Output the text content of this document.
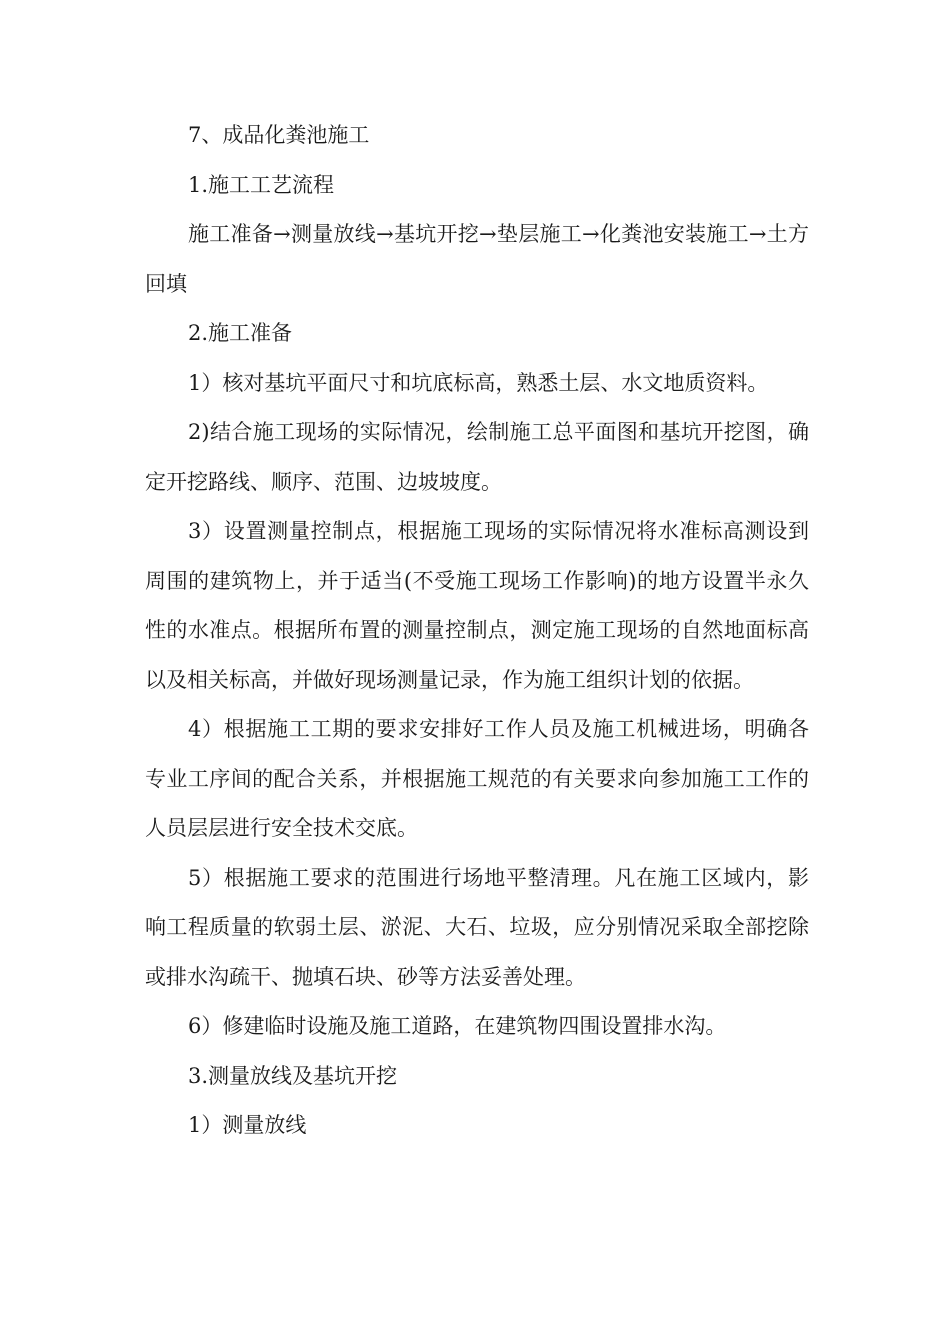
7、成品化粪池施工

1.施工工艺流程

施工准备→测量放线→基坑开挖→垫层施工→化粪池安装施工→土方回填

2.施工准备

1）核对基坑平面尺寸和坑底标高，熟悉土层、水文地质资料。

2)结合施工现场的实际情况，绘制施工总平面图和基坑开挖图，确定开挖路线、顺序、范围、边坡坡度。

3）设置测量控制点，根据施工现场的实际情况将水准标高测设到周围的建筑物上，并于适当(不受施工现场工作影响)的地方设置半永久性的水准点。根据所布置的测量控制点，测定施工现场的自然地面标高以及相关标高，并做好现场测量记录，作为施工组织计划的依据。

4）根据施工工期的要求安排好工作人员及施工机械进场，明确各专业工序间的配合关系，并根据施工规范的有关要求向参加施工工作的人员层层进行安全技术交底。

5）根据施工要求的范围进行场地平整清理。凡在施工区域内，影响工程质量的软弱土层、淤泥、大石、垃圾，应分别情况采取全部挖除或排水沟疏干、抛填石块、砂等方法妥善处理。

6）修建临时设施及施工道路，在建筑物四围设置排水沟。

3.测量放线及基坑开挖

1）测量放线
